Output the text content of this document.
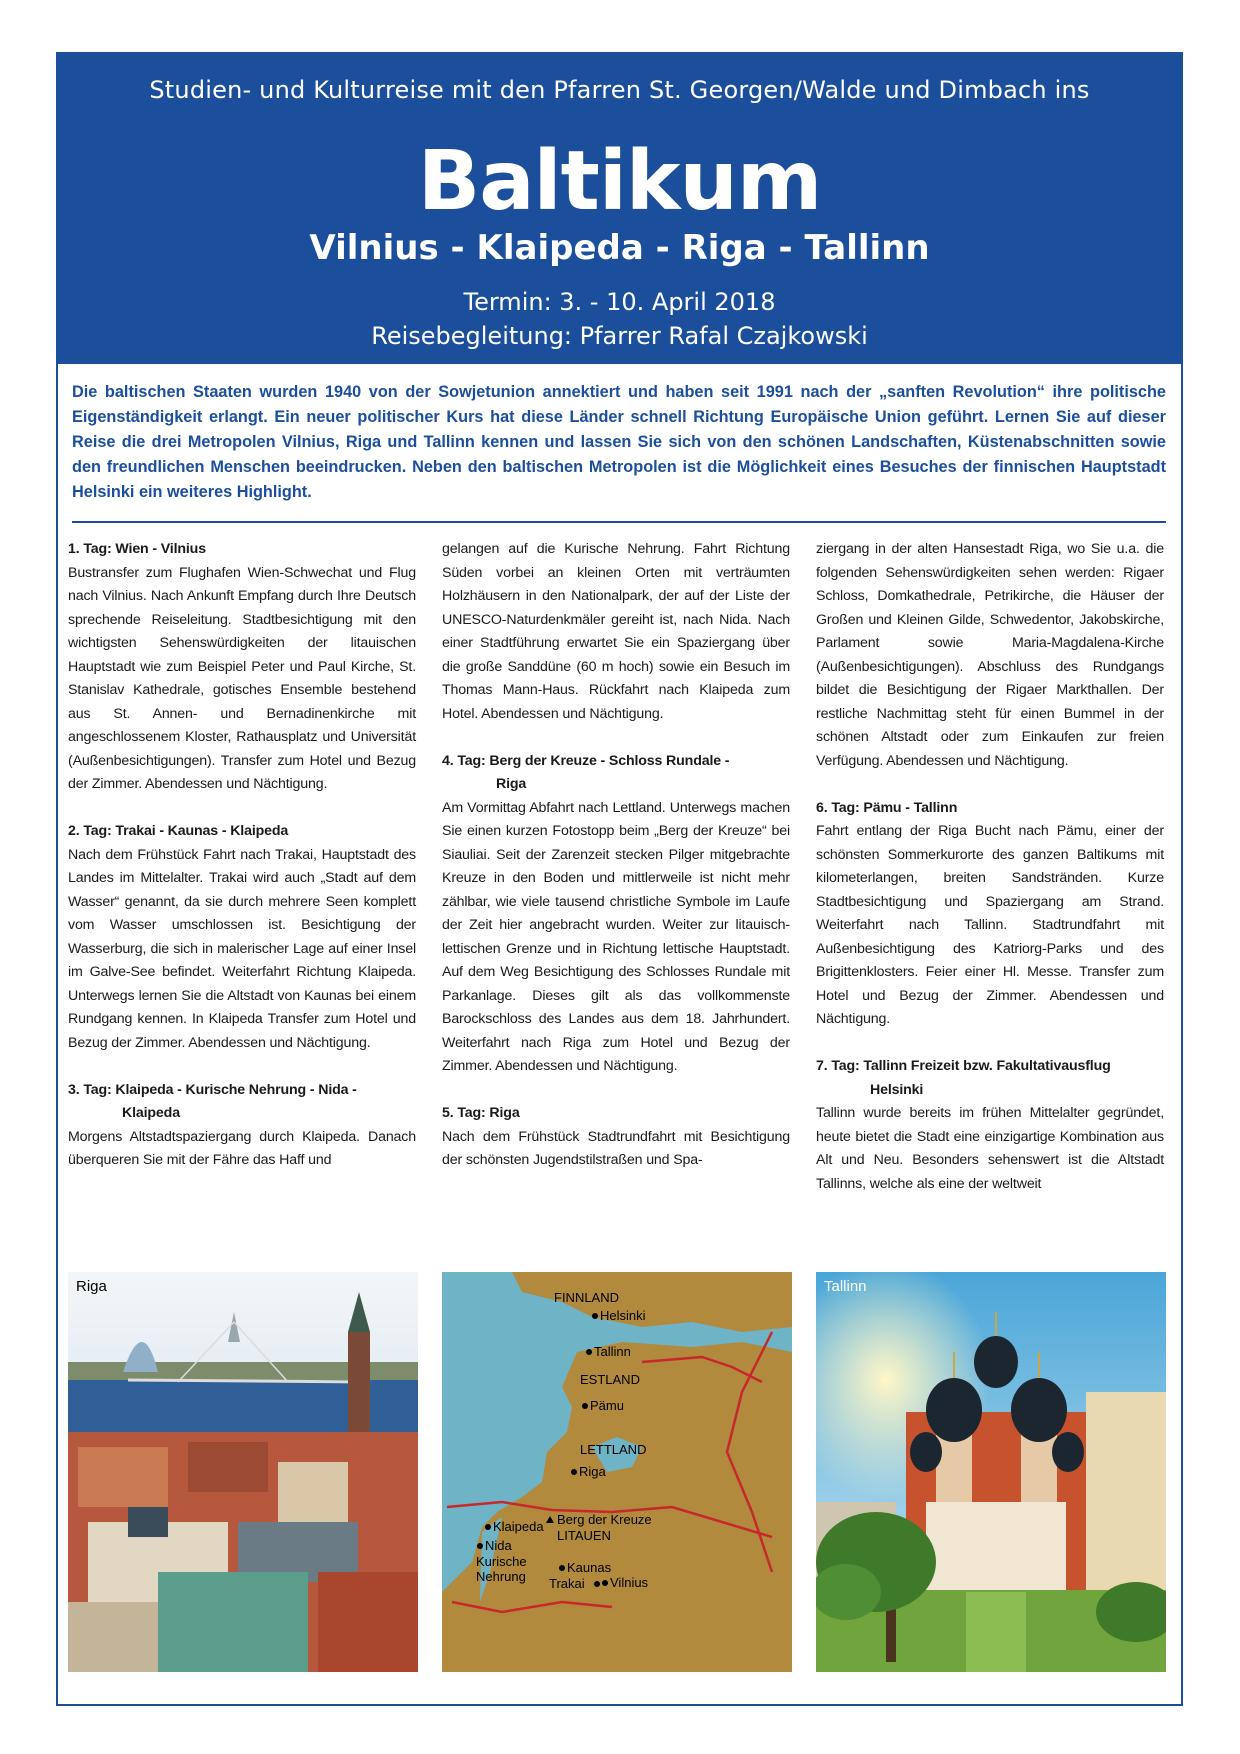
Studien- und Kulturreise mit den Pfarren St. Georgen/Walde und Dimbach ins
Baltikum
Vilnius - Klaipeda - Riga - Tallinn
Termin: 3. - 10. April 2018
Reisebegleitung: Pfarrer Rafal Czajkowski
Die baltischen Staaten wurden 1940 von der Sowjetunion annektiert und haben seit 1991 nach der „sanften Revolution“ ihre politische Eigenständigkeit erlangt. Ein neuer politischer Kurs hat diese Länder schnell Richtung Europäische Union geführt. Lernen Sie auf dieser Reise die drei Metropolen Vilnius, Riga und Tallinn kennen und lassen Sie sich von den schönen Landschaften, Küstenabschnitten sowie den freundlichen Menschen beeindrucken. Neben den baltischen Metropolen ist die Möglichkeit eines Besuches der finnischen Hauptstadt Helsinki ein weiteres Highlight.
1. Tag: Wien - Vilnius

Bustransfer zum Flughafen Wien-Schwechat und Flug nach Vilnius. Nach Ankunft Empfang durch Ihre Deutsch sprechende Reiseleitung. Stadtbesichtigung mit den wichtigsten Sehenswürdigkeiten der litauischen Hauptstadt wie zum Beispiel Peter und Paul Kirche, St. Stanislav Kathedrale, gotisches Ensemble bestehend aus St. Annen- und Bernadinenkirche mit angeschlossenem Kloster, Rathausplatz und Universität (Außenbesichtigungen). Transfer zum Hotel und Bezug der Zimmer. Abendessen und Nächtigung.

2. Tag: Trakai - Kaunas - Klaipeda

Nach dem Frühstück Fahrt nach Trakai, Hauptstadt des Landes im Mittelalter. Trakai wird auch „Stadt auf dem Wasser“ genannt, da sie durch mehrere Seen komplett vom Wasser umschlossen ist. Besichtigung der Wasserburg, die sich in malerischer Lage auf einer Insel im Galve-See befindet. Weiterfahrt Richtung Klaipeda. Unterwegs lernen Sie die Altstadt von Kaunas bei einem Rundgang kennen. In Klaipeda Transfer zum Hotel und Bezug der Zimmer. Abendessen und Nächtigung.

3. Tag: Klaipeda - Kurische Nehrung - Nida -
Klaipeda

Morgens Altstadtspaziergang durch Klaipeda. Danach überqueren Sie mit der Fähre das Haff und

gelangen auf die Kurische Nehrung. Fahrt Richtung Süden vorbei an kleinen Orten mit verträumten Holzhäusern in den Nationalpark, der auf der Liste der UNESCO-Naturdenkmäler gereiht ist, nach Nida. Nach einer Stadtführung erwartet Sie ein Spaziergang über die große Sanddüne (60 m hoch) sowie ein Besuch im Thomas Mann-Haus. Rückfahrt nach Klaipeda zum Hotel. Abendessen und Nächtigung.

4. Tag: Berg der Kreuze - Schloss Rundale -
Riga

Am Vormittag Abfahrt nach Lettland. Unterwegs machen Sie einen kurzen Fotostopp beim „Berg der Kreuze“ bei Siauliai. Seit der Zarenzeit stecken Pilger mitgebrachte Kreuze in den Boden und mittlerweile ist nicht mehr zählbar, wie viele tausend christliche Symbole im Laufe der Zeit hier angebracht wurden. Weiter zur litauisch-lettischen Grenze und in Richtung lettische Hauptstadt. Auf dem Weg Besichtigung des Schlosses Rundale mit Parkanlage. Dieses gilt als das vollkommenste Barockschloss des Landes aus dem 18. Jahrhundert. Weiterfahrt nach Riga zum Hotel und Bezug der Zimmer. Abendessen und Nächtigung.

5. Tag: Riga

Nach dem Frühstück Stadtrundfahrt mit Besichtigung der schönsten Jugendstilstraßen und Spa-

ziergang in der alten Hansestadt Riga, wo Sie u.a. die folgenden Sehenswürdigkeiten sehen werden: Rigaer Schloss, Domkathedrale, Petrikirche, die Häuser der Großen und Kleinen Gilde, Schwedentor, Jakobskirche, Parlament sowie Maria-Magdalena-Kirche (Außenbesichtigungen). Abschluss des Rundgangs bildet die Besichtigung der Rigaer Markthallen. Der restliche Nachmittag steht für einen Bummel in der schönen Altstadt oder zum Einkaufen zur freien Verfügung. Abendessen und Nächtigung.

6. Tag: Pämu - Tallinn

Fahrt entlang der Riga Bucht nach Pämu, einer der schönsten Sommerkurorte des ganzen Baltikums mit kilometerlangen, breiten Sandstränden. Kurze Stadtbesichtigung und Spaziergang am Strand. Weiterfahrt nach Tallinn. Stadtrundfahrt mit Außenbesichtigung des Katriorg-Parks und des Brigittenklosters. Feier einer Hl. Messe. Transfer zum Hotel und Bezug der Zimmer. Abendessen und Nächtigung.

7. Tag: Tallinn Freizeit bzw. Fakultativausflug
Helsinki

Tallinn wurde bereits im frühen Mittelalter gegründet, heute bietet die Stadt eine einzigartige Kombination aus Alt und Neu. Besonders sehenswert ist die Altstadt Tallinns, welche als eine der weltweit

Riga
FINNLAND
ESTLAND
LETTLAND
LITAUEN
Helsinki
Tallinn
Pämu
Riga
Klaipeda Berg der Kreuze
Nida
Kurische
Nehrung
Kaunas
Trakai Vilnius
Tallinn
